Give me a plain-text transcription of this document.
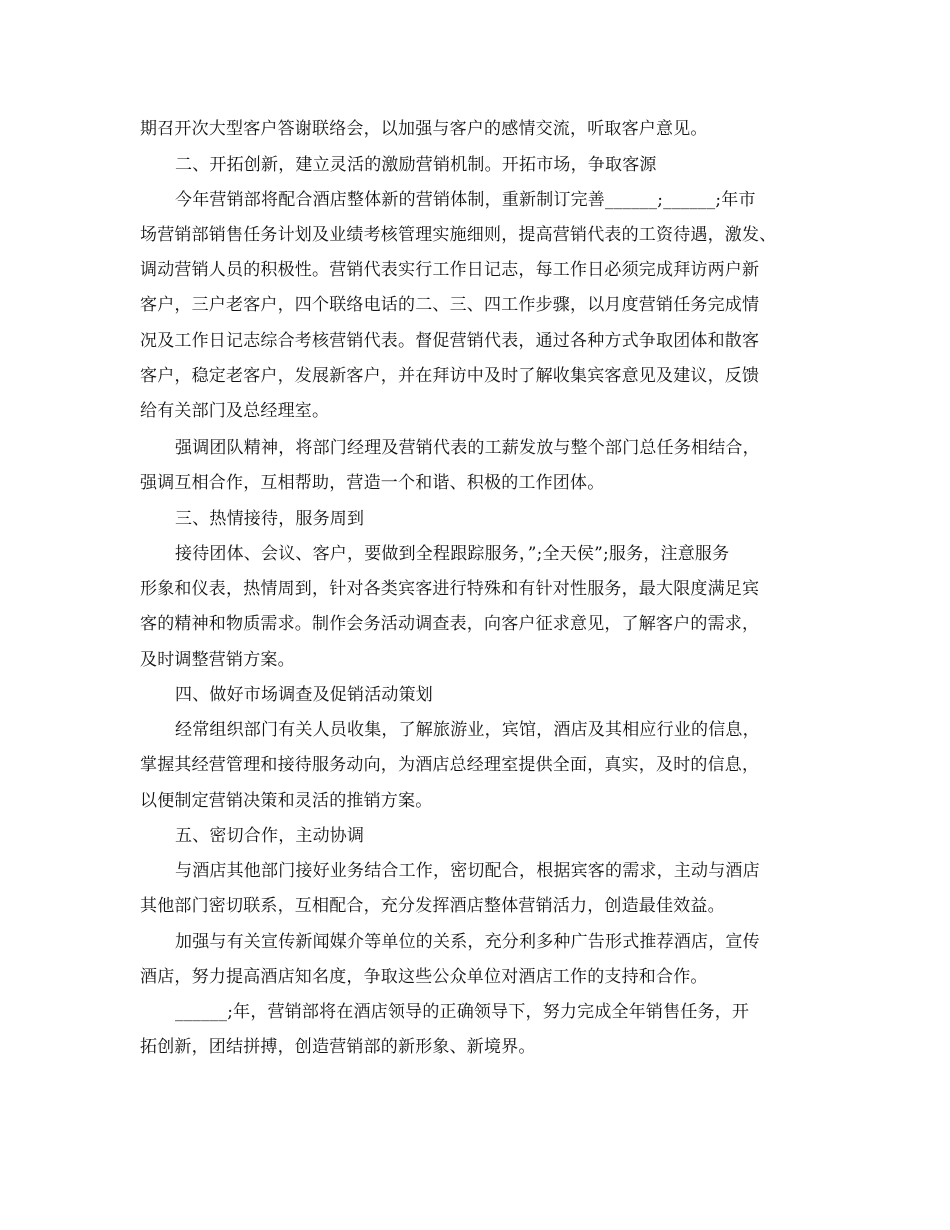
期召开次大型客户答谢联络会，以加强与客户的感情交流，听取客户意见。
二、开拓创新，建立灵活的激励营销机制。开拓市场，争取客源
今年营销部将配合酒店整体新的营销体制，重新制订完善______;______;年市
场营销部销售任务计划及业绩考核管理实施细则，提高营销代表的工资待遇，激发、
调动营销人员的积极性。营销代表实行工作日记志，每工作日必须完成拜访两户新
客户，三户老客户，四个联络电话的二、三、四工作步骤，以月度营销任务完成情
况及工作日记志综合考核营销代表。督促营销代表，通过各种方式争取团体和散客
客户，稳定老客户，发展新客户，并在拜访中及时了解收集宾客意见及建议，反馈
给有关部门及总经理室。
强调团队精神，将部门经理及营销代表的工薪发放与整个部门总任务相结合，
强调互相合作，互相帮助，营造一个和谐、积极的工作团体。
三、热情接待，服务周到
接待团体、会议、客户，要做到全程跟踪服务，”;全天侯”;服务，注意服务
形象和仪表，热情周到，针对各类宾客进行特殊和有针对性服务，最大限度满足宾
客的精神和物质需求。制作会务活动调查表，向客户征求意见，了解客户的需求，
及时调整营销方案。
四、做好市场调查及促销活动策划
经常组织部门有关人员收集，了解旅游业，宾馆，酒店及其相应行业的信息，
掌握其经营管理和接待服务动向，为酒店总经理室提供全面，真实，及时的信息，
以便制定营销决策和灵活的推销方案。
五、密切合作，主动协调
与酒店其他部门接好业务结合工作，密切配合，根据宾客的需求，主动与酒店
其他部门密切联系，互相配合，充分发挥酒店整体营销活力，创造最佳效益。
加强与有关宣传新闻媒介等单位的关系，充分利多种广告形式推荐酒店，宣传
酒店，努力提高酒店知名度，争取这些公众单位对酒店工作的支持和合作。
______;年，营销部将在酒店领导的正确领导下，努力完成全年销售任务，开
拓创新，团结拼搏，创造营销部的新形象、新境界。
